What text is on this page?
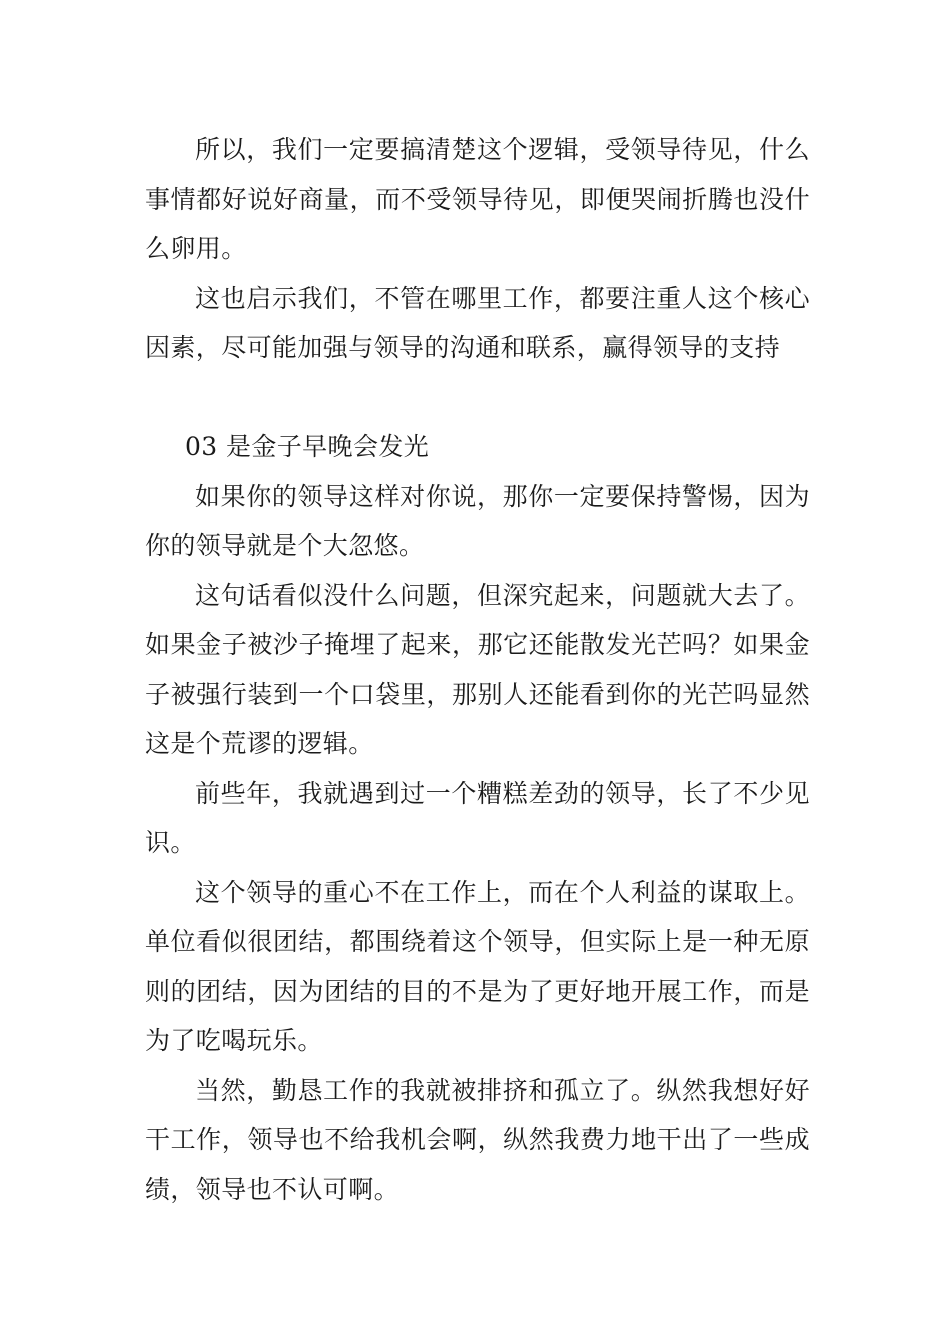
所以，我们一定要搞清楚这个逻辑，受领导待见，什么事情都好说好商量，而不受领导待见，即便哭闹折腾也没什么卵用。

这也启示我们，不管在哪里工作，都要注重人这个核心因素，尽可能加强与领导的沟通和联系，赢得领导的支持

03 是金子早晚会发光

如果你的领导这样对你说，那你一定要保持警惕，因为你的领导就是个大忽悠。

这句话看似没什么问题，但深究起来，问题就大去了。如果金子被沙子掩埋了起来，那它还能散发光芒吗？如果金子被强行装到一个口袋里，那别人还能看到你的光芒吗显然这是个荒谬的逻辑。

前些年，我就遇到过一个糟糕差劲的领导，长了不少见识。

这个领导的重心不在工作上，而在个人利益的谋取上。单位看似很团结，都围绕着这个领导，但实际上是一种无原则的团结，因为团结的目的不是为了更好地开展工作，而是为了吃喝玩乐。

当然，勤恳工作的我就被排挤和孤立了。纵然我想好好干工作，领导也不给我机会啊，纵然我费力地干出了一些成绩，领导也不认可啊。
